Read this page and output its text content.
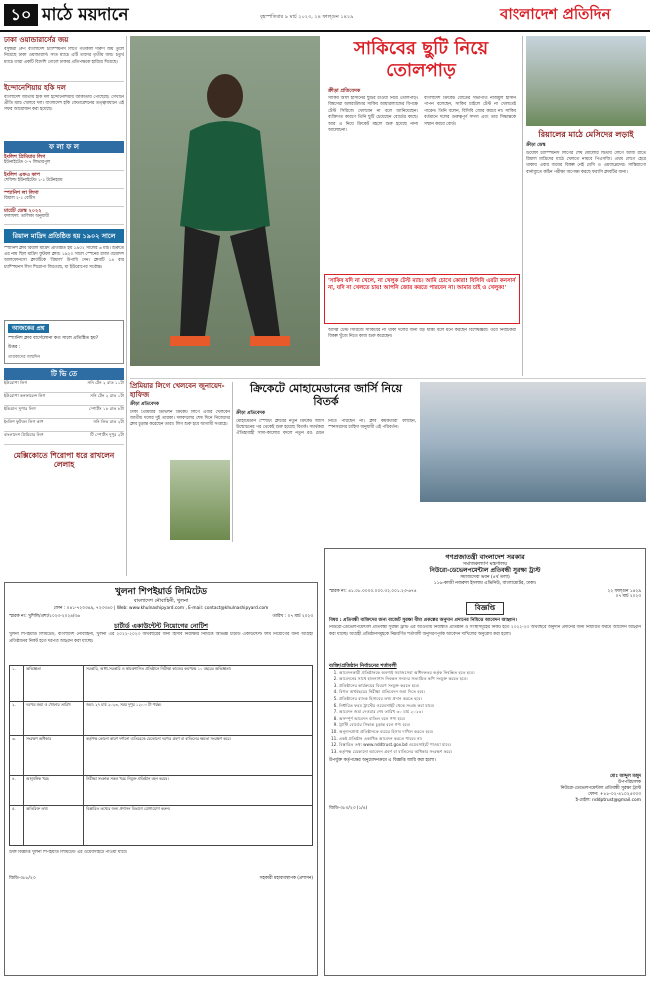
১০ মাঠে ময়দানে	বৃহস্পতিবার ৯ মার্চ ২০২৩, ২৪ ফাল্গুন ১৪২৯	বাংলাদেশ প্রতিদিন
ঢাকা ওয়ান্ডারার্সের জয়
বসুন্ধরা গ্রুপ বাংলাদেশ চ্যাম্পিয়নস লিগে গতকাল দারুণ জয় তুলে নিয়েছে ঢাকা ওয়ান্ডারার্স। সাত ম্যাচে এটি তাদের তৃতীয় জয়। চতুর্থ ম্যাচে তারা একটি বিদেশি গোলে ঢাকার প্রতিপক্ষকে হারিয়ে দিয়েছে।
ইন্দোনেশিয়ায় হকি দল
বাংলাদেশ জাতীয় হকি দল ইন্দোনেশিয়ায় জাকার্তায় পৌঁছেছে। সেখানে প্রীতি ম্যাচ খেলবে দল। বাংলাদেশ হকি ফেডারেশনের তত্ত্বাবধানে এই সফর আয়োজন করা হয়েছে।
ফ লা ফ ল
ইংলিশ প্রিমিয়ার লিগ
ইউনাইটেড ০-৭ লিভারপুল
ইংলিশ এফএ কাপ
শেফিল্ড ইউনাইটেড ১-১ টটেনহ্যাম
স্প্যানিশ লা লিগা
রিয়াল ২-১ বেটিস
মার্চেট ডেস্ক ২০২২
ফলাফল: তালিকা অনুযায়ী
রিয়াল মাদ্রিদ প্রতিষ্ঠিত হয় ১৯০২ সালে
স্প্যানিশ ক্লাব রিয়াল মাদ্রিদ প্রতিষ্ঠিত হয় ১৯০২ সালের ৬ মার্চ। শুরুতে এর নাম ছিল মাদ্রিদ ফুটবল ক্লাব। ১৯২০ সালে স্পেনের রাজা ত্রয়োদশ আলফোনসো ক্লাবটিকে 'রিয়াল' উপাধি দেন। ক্লাবটি ১৪ বার চ্যাম্পিয়নস লিগ শিরোপা জিতেছে, যা ইউরোপের সর্বোচ্চ।
আজকের প্রশ্ন
স্প্যানিশ ক্লাব বার্সেলোনা কত সালে প্রতিষ্ঠিত হয়?
উত্তর :
তারকাদের জন্মদিন
টি ভি তে
ইউরোপা লিগ	সনি টেন ২ রাত ১১টা
ইউরোপা কনফারেন্স লিগ	সনি টেন ২ রাত ১টা
ইন্ডিয়ান সুপার লিগ	স্পোর্টস ১৮ রাত ৮টা
ইংলিশ ফুটবল লিগ কাপ	সনি লিভ রাত ২টা
বাংলাদেশ প্রিমিয়ার লিগ	টি স্পোর্টস দুপুর ২টা
মেক্সিকোতে শিরোপা ধরে রাখলেন লেলাহ
সাকিবের ছুটি নিয়ে তোলপাড়
ক্রীড়া প্রতিবেদক
সাকিব আল হাসানের ছুটির চাওয়া নিয়ে তোলপাড়। বিশ্বসেরা অলরাউন্ডার সাকিব আয়ারল্যান্ডের বিপক্ষে টেস্ট সিরিজে খেলবেন না বলে জানিয়েছেন। ব্যক্তিগত কারণে তিনি ছুটি চেয়েছেন বোর্ডের কাছে। আর এ নিয়ে ক্রিকেট মহলে শুরু হয়েছে নানা আলোচনা।
বাংলাদেশ ক্রিকেট বোর্ডের সভাপতি নাজমুল হাসান পাপন বলেছেন, সাকিব চাইলে টেস্ট না খেলতেই পারেন। তিনি বলেন, বিসিবি জোর করবে না। সাকিব বর্তমানে দলের গুরুত্বপূর্ণ সদস্য এবং তার সিদ্ধান্তকে সম্মান করবে বোর্ড।
'সাকিব যদি না খেলে, না খেলুক টেস্ট ম্যাচ। আমি চোখে কোরা! বিসিবি এরটা কনসার্ন না, যদি না খেলতে চায়! আপনি জোর করতে পারবেন না। আমার চাই ও খেলুক!'
আসন্ন টেস্ট সিরিজে সাকিবের না থাকা দলের জন্য বড় ধাক্কা বলে মনে করছেন বিশেষজ্ঞরা। তবে নির্বাচকরা বিকল্প খুঁজে নিতে কাজ শুরু করেছেন।
রিয়ালের মাঠে মেসিদের লড়াই
ক্রীড়া ডেস্ক
উয়েফা চ্যাম্পিয়নস লিগের শেষ ষোলোর দ্বিতীয় লেগে আজ রাতে রিয়াল মাদ্রিদের মাঠে খেলতে নামবে পিএসজি। প্রথম লেগে হেরে থাকায় এবার জয়ের বিকল্প নেই মেসি ও এমবাপ্পেদের। সান্তিয়াগো বার্নাব্যুতে কঠিন পরীক্ষা অপেক্ষা করছে ফরাসি ক্লাবটির জন্য।
প্রিমিয়ার লিগে খেলবেন জুনায়েদ-হাফিজ
ক্রীড়া প্রতিবেদক
ঢাকা প্রিমিয়ার ডিভিশন ক্রিকেট লিগে এবার খেলবেন জাতীয় দলের দুই তারকা। দলবদলের শেষ দিনে নিজেদের ক্লাব চূড়ান্ত করেছেন তারা। লিগ শুরু হবে আগামী সপ্তাহে।
ক্রিকেটে মোহামেডানের জার্সি নিয়ে বিতর্ক
ক্রীড়া প্রতিবেদক
মোহামেডান স্পোর্টিং ক্লাবের নতুন ক্রিকেট জার্সি উন্মোচনের পর থেকেই শুরু হয়েছে বিতর্ক। সমর্থকরা ঐতিহ্যবাহী সাদা-কালোর বদলে নতুন রঙ মেনে নিতে পারছেন না। ক্লাব কর্মকর্তারা বলছেন, স্পনসরদের চাহিদা অনুযায়ী এই পরিবর্তন।
খুলনা শিপইয়ার্ড লিমিটেড
বাংলাদেশ নৌবাহিনী, খুলনা
ফোন : ০৪১-৭২৩৩৪৯, ৭২৩৩৪০ | Web: www.khulnashipyard.com , E-mail: contact@khulnashipyard.com
স্মারক নং: খুশিলি/প্রশা/২০২৩-২০২৪/৩৬	তারিখ : ০৭ মার্চ ২০২৩
চার্টার্ড একাউন্টেন্ট নিয়োগের নোটিশ
খুলনা শিপইয়ার্ড লিমিটেড, বাংলাদেশ নৌবাহিনী, খুলনা এর ২০২২-২০২৩ অর্থবছরের জন্য হিসাব নিরীক্ষার নিমিত্তে অভিজ্ঞ চার্টার্ড একাউন্টেন্ট ফার্ম নিয়োগের জন্য আগ্রহী প্রতিষ্ঠানের নিকট হতে দরপত্র আহ্বান করা যাচ্ছে।
১.	অভিজ্ঞতা	সরকারি, আধা-সরকারি ও স্বায়ত্তশাসিত প্রতিষ্ঠানে নিরীক্ষা কাজের কমপক্ষে ১০ বছরের অভিজ্ঞতা।
২.	দরপত্র জমা ও খোলার তারিখ	জমা: ২৭ মার্চ ২০২৩, সময় দুপুর ১২:০০ টা পর্যন্ত।
৩.	সংরক্ষণ অধিকার	কর্তৃপক্ষ কোনো কারণ দর্শানো ব্যতিরেকে যেকোনো দরপত্র গ্রহণ বা বাতিলের ক্ষমতা সংরক্ষণ করে।
৪.	আনুষঙ্গিক খরচ	নিরীক্ষা সংক্রান্ত সকল খরচ নিযুক্ত প্রতিষ্ঠান বহন করবে।
৫.	অতিরিক্ত তথ্য	বিস্তারিত তথ্যের জন্য প্রশাসন বিভাগে যোগাযোগ করুন।
উক্ত বিজ্ঞপ্তি খুলনা শিপইয়ার্ড লিমিটেড এর ওয়েবসাইটে পাওয়া যাবে।
জিডি-৩৮৮/২৩	সহকারী মহাব্যবস্থাপক (প্রশাসন)
গণপ্রজাতন্ত্রী বাংলাদেশ সরকার
সমাজকল্যাণ মন্ত্রণালয়
নিউরো-ডেভেলপমেন্টাল প্রতিবন্ধী সুরক্ষা ট্রাস্ট
সমাজসেবা ভবন (৪র্থ তলা)
১১৬-কাজী নজরুল ইসলাম এভিনিউ, বাংলামোটর, ঢাকা।
স্মারক নং: ৪১.০৮.০০০০.০০০.৩২.০০১.২৩-৬৭৪	২২ ফাল্গুন ১৪২৯
০৭ মার্চ ২০২৩
বিজ্ঞপ্তি
বিষয় : প্রতিবন্ধী ব্যক্তিদের জন্য বাজেট সুরক্ষা বীমা প্রকল্পের অনুদান প্রদানের নিমিত্তে আবেদন আহ্বান।
নিউরো-ডেভেলপমেন্টাল প্রতিবন্ধী সুরক্ষা ট্রাস্ট এর আওতায় নিবন্ধিত প্রতিষ্ঠান ও সংস্থাসমূহের নিকট হতে ২০২২-২৩ অর্থবছরে অনুদান প্রদানের জন্য নির্ধারিত ফরমে আবেদন আহ্বান করা যাচ্ছে। আগ্রহী প্রতিষ্ঠানসমূহকে নিম্নবর্ণিত শর্তাবলী অনুসরণপূর্বক আবেদন দাখিলের অনুরোধ করা হলো।
ব্যক্তি/প্রতিষ্ঠান নির্বাচনের শর্তাবলী
1. আবেদনকারী প্রতিষ্ঠানকে অবশ্যই সমাজসেবা অধিদফতর কর্তৃক নিবন্ধিত হতে হবে।
2. আবেদনের সাথে হালনাগাদ নিবন্ধন সনদের সত্যায়িত কপি সংযুক্ত করতে হবে।
3. প্রতিষ্ঠানের কার্যক্রমের বিবরণ সংযুক্ত করতে হবে।
4. বিগত অর্থবছরের নিরীক্ষা প্রতিবেদন জমা দিতে হবে।
5. প্রতিষ্ঠানের ব্যাংক হিসাবের তথ্য প্রদান করতে হবে।
6. নির্ধারিত ফরম ট্রাস্টের ওয়েবসাইট থেকে সংগ্রহ করা যাবে।
7. আবেদন জমা দেওয়ার শেষ তারিখ ৩০ মার্চ ২০২৩।
8. অসম্পূর্ণ আবেদন বাতিল বলে গণ্য হবে।
9. ট্রাস্টি বোর্ডের সিদ্ধান্ত চূড়ান্ত বলে গণ্য হবে।
10. অনুদানপ্রাপ্ত প্রতিষ্ঠানকে ব্যয়ের হিসাব দাখিল করতে হবে।
11. একই প্রতিষ্ঠান একাধিক আবেদন করতে পারবে না।
12. বিস্তারিত তথ্য www.nddtrust.gov.bd ওয়েবসাইটে পাওয়া যাবে।
13. কর্তৃপক্ষ যেকোনো আবেদন গ্রহণ বা বাতিলের অধিকার সংরক্ষণ করে।
উপর্যুক্ত কর্তৃপক্ষের অনুমোদনক্রমে এ বিজ্ঞপ্তি জারি করা হলো।
মোঃ আব্দুল মজুদ
উপপরিচালক
নিউরো-ডেভেলপমেন্টাল প্রতিবন্ধী সুরক্ষা ট্রাস্ট
ফোন: +৮৮-০২-৪১০২৫৩৩৩
ই-মেইল: nddptrust@gmail.com
জিডি-৩৮০/২৩ (১/৪)
